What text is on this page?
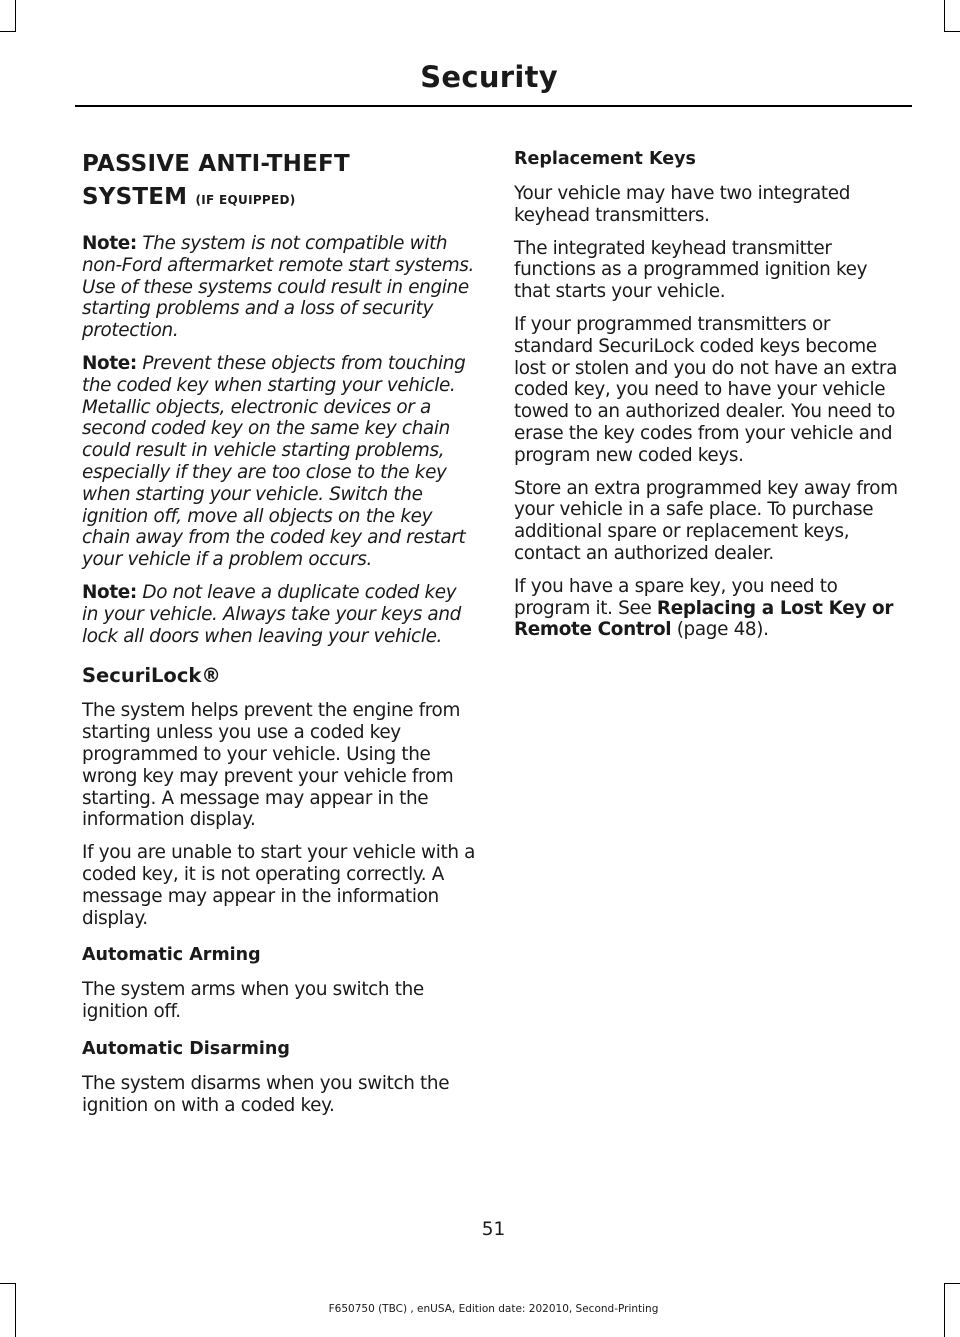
Security
PASSIVE ANTI-THEFT
SYSTEM (IF EQUIPPED)

Note: The system is not compatible with non-Ford aftermarket remote start systems. Use of these systems could result in engine starting problems and a loss of security protection.

Note: Prevent these objects from touching the coded key when starting your vehicle. Metallic objects, electronic devices or a second coded key on the same key chain could result in vehicle starting problems, especially if they are too close to the key when starting your vehicle. Switch the ignition off, move all objects on the key chain away from the coded key and restart your vehicle if a problem occurs.

Note: Do not leave a duplicate coded key in your vehicle. Always take your keys and lock all doors when leaving your vehicle.

SecuriLock®

The system helps prevent the engine from starting unless you use a coded key programmed to your vehicle. Using the wrong key may prevent your vehicle from starting. A message may appear in the information display.

If you are unable to start your vehicle with a coded key, it is not operating correctly. A message may appear in the information display.

Automatic Arming

The system arms when you switch the ignition off.

Automatic Disarming

The system disarms when you switch the ignition on with a coded key.

Replacement Keys

Your vehicle may have two integrated keyhead transmitters.

The integrated keyhead transmitter functions as a programmed ignition key that starts your vehicle.

If your programmed transmitters or standard SecuriLock coded keys become lost or stolen and you do not have an extra coded key, you need to have your vehicle towed to an authorized dealer. You need to erase the key codes from your vehicle and program new coded keys.

Store an extra programmed key away from your vehicle in a safe place. To purchase additional spare or replacement keys, contact an authorized dealer.

If you have a spare key, you need to program it. See Replacing a Lost Key or Remote Control (page 48).

51
F650750 (TBC) , enUSA, Edition date: 202010, Second-Printing
